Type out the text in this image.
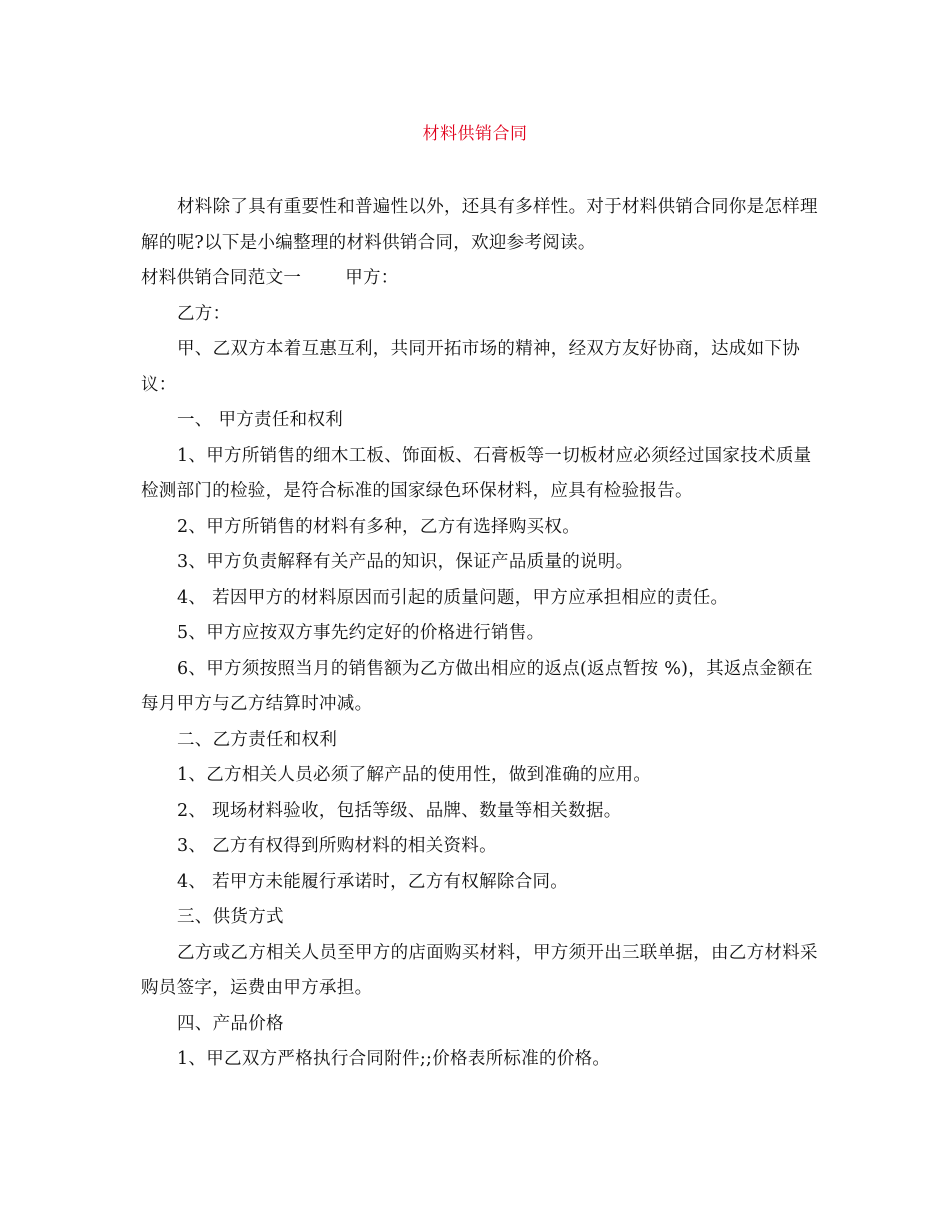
材料供销合同

材料除了具有重要性和普遍性以外，还具有多样性。对于材料供销合同你是怎样理解的呢?以下是小编整理的材料供销合同，欢迎参考阅读。

材料供销合同范文一	甲方：

乙方：

甲、乙双方本着互惠互利，共同开拓市场的精神，经双方友好协商，达成如下协议：

一、 甲方责任和权利

1、甲方所销售的细木工板、饰面板、石膏板等一切板材应必须经过国家技术质量检测部门的检验，是符合标准的国家绿色环保材料，应具有检验报告。

2、甲方所销售的材料有多种，乙方有选择购买权。

3、甲方负责解释有关产品的知识，保证产品质量的说明。

4、 若因甲方的材料原因而引起的质量问题，甲方应承担相应的责任。

5、甲方应按双方事先约定好的价格进行销售。

6、甲方须按照当月的销售额为乙方做出相应的返点(返点暂按 %)，其返点金额在每月甲方与乙方结算时冲减。

二、乙方责任和权利

1、乙方相关人员必须了解产品的使用性，做到准确的应用。

2、 现场材料验收，包括等级、品牌、数量等相关数据。

3、 乙方有权得到所购材料的相关资料。

4、 若甲方未能履行承诺时，乙方有权解除合同。

三、供货方式

乙方或乙方相关人员至甲方的店面购买材料，甲方须开出三联单据，由乙方材料采购员签字，运费由甲方承担。

四、产品价格

1、甲乙双方严格执行合同附件;;价格表所标准的价格。
